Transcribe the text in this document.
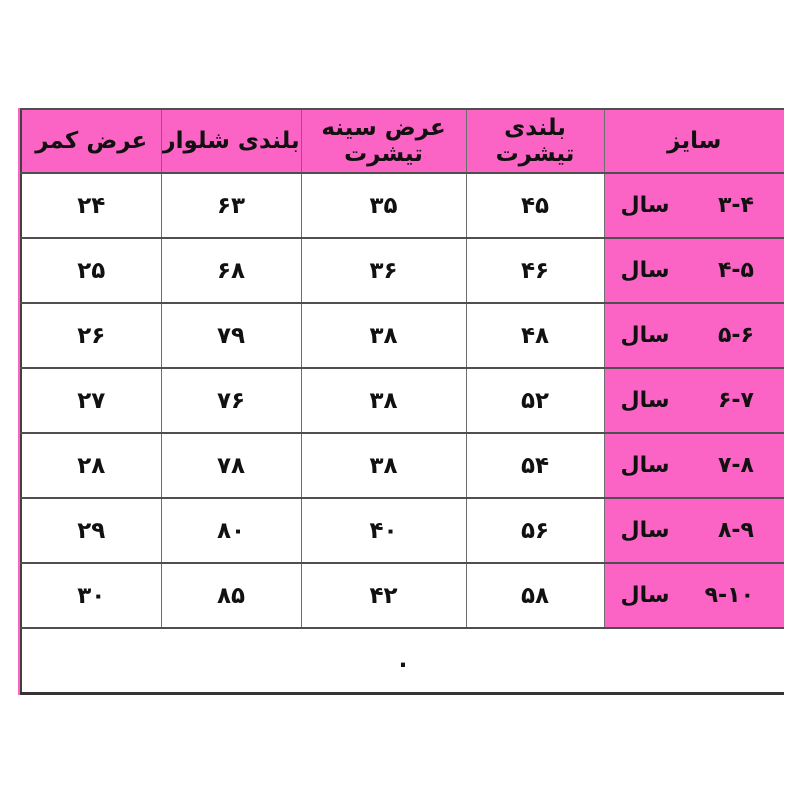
سایز	بلندی تیشرت	عرض سینه تیشرت	بلندی شلوار	عرض کمر

سال ۳-۴	۴۵	۳۵	۶۳	۲۴

سال ۴-۵	۴۶	۳۶	۶۸	۲۵

سال ۵-۶	۴۸	۳۸	۷۹	۲۶

سال ۶-۷	۵۲	۳۸	۷۶	۲۷

سال ۷-۸	۵۴	۳۸	۷۸	۲۸

سال ۸-۹	۵۶	۴۰	۸۰	۲۹

سال ۹-۱۰	۵۸	۴۲	۸۵	۳۰
.				
